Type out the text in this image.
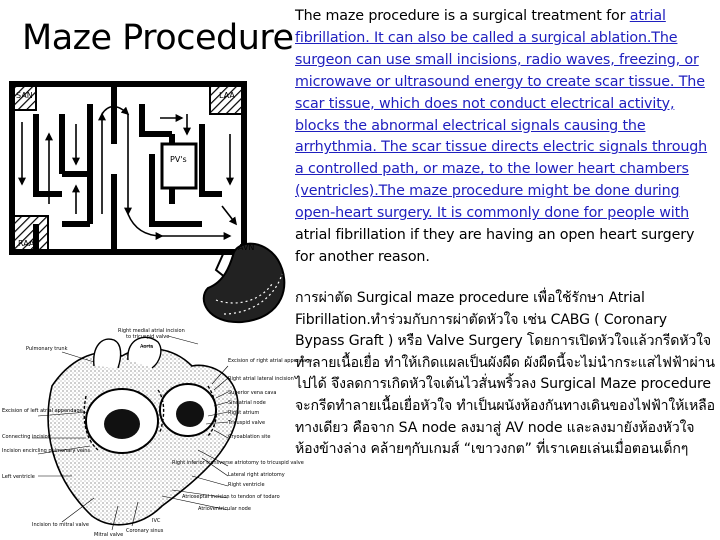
Maze Procedure
The maze procedure is a surgical treatment for atrial fibrillation. It can also be called a surgical ablation.The surgeon can use small incisions, radio waves, freezing, or microwave or ultrasound energy to create scar tissue. The scar tissue, which does not conduct electrical activity, blocks the abnormal electrical signals causing the arrhythmia. The scar tissue directs electric signals through a controlled path, or maze, to the lower heart chambers (ventricles).The maze procedure might be done during open-heart surgery. It is commonly done for people with atrial fibrillation if they are having an open heart surgery for another reason.
การผ่าตัด Surgical maze procedure เพื่อใช้รักษา Atrial Fibrillation.ทำร่วมกับการผ่าตัดหัวใจ เช่น CABG ( Coronary Bypass Graft ) หรือ Valve Surgery โดยการเปิดหัวใจแล้วกรีดหัวใจทำลายเนื้อเยื่อ ทำให้เกิดแผลเป็นผังผืด ผังผืดนี้จะไม่นำกระแสไฟฟ้าผ่านไปได้ จึงลดการเกิดหัวใจเต้นไวสั่นพริ้วลง Surgical Maze procedure จะกรีดทำลายเนื้อเยื่อหัวใจ ทำเป็นผนังห้องกันทางเดินของไฟฟ้าให้เหลือทางเดียว คือจาก SA node ลงมาสู่ AV node และลงมายังห้องหัวใจห้องข้างล่าง คล้ายๆกับเกมส์ “เขาวงกต” ที่เราเคยเล่นเมื่อตอนเด็กๆ
SAN	LAA
PV's
RAA	AVN
Pulmonary trunk
Right medial atrial incision
to tricuspid valve
Aorta
Excision of right atrial appendage
Right atrial lateral incision
Superior vena cava
Sinoatrial node
Right atrium
Tricuspid valve
Cryoablation site
Excision of left atrial appendage
Connecting incision
Incision encircling pulmonary veins
Left ventricle
Right inferior transverse atriotomy to tricuspid valve
Lateral right atriotomy
Right ventricle
Atrioseptal incision to tendon of todaro
Atrioventricular node
Coronary sinus
Mitral valve
Incision to mitral valve
IVC
